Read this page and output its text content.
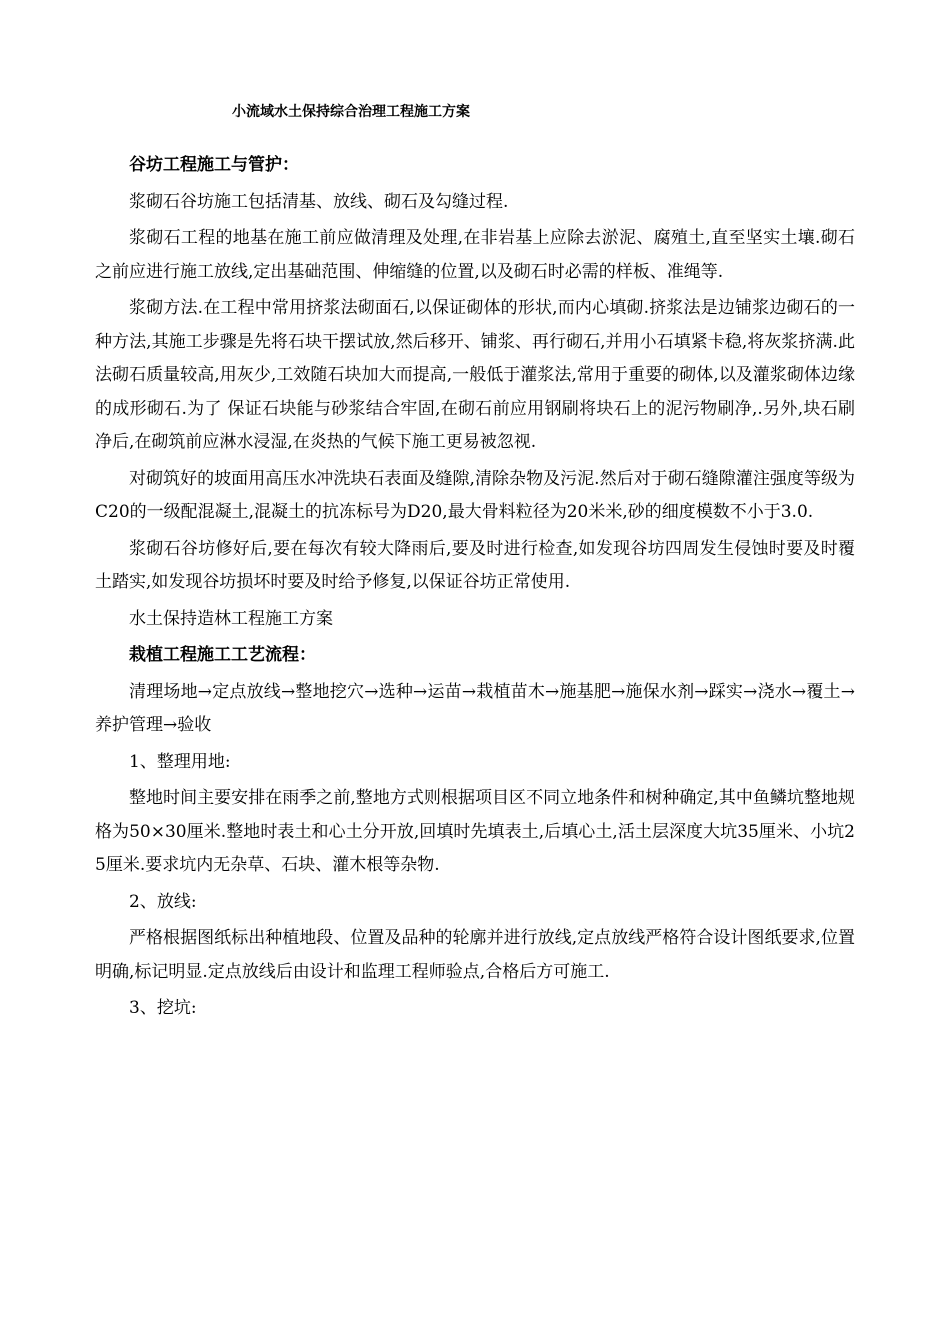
小流域水土保持综合治理工程施工方案

谷坊工程施工与管护：

浆砌石谷坊施工包括清基、放线、砌石及勾缝过程.

浆砌石工程的地基在施工前应做清理及处理,在非岩基上应除去淤泥、腐殖土,直至坚实土壤.砌石之前应进行施工放线,定出基础范围、伸缩缝的位置,以及砌石时必需的样板、准绳等.

浆砌方法.在工程中常用挤浆法砌面石,以保证砌体的形状,而内心填砌.挤浆法是边铺浆边砌石的一种方法,其施工步骤是先将石块干摆试放,然后移开、铺浆、再行砌石,并用小石填紧卡稳,将灰浆挤满.此法砌石质量较高,用灰少,工效随石块加大而提高,一般低于灌浆法,常用于重要的砌体,以及灌浆砌体边缘的成形砌石.为了 保证石块能与砂浆结合牢固,在砌石前应用钢刷将块石上的泥污物刷净,.另外,块石刷净后,在砌筑前应淋水浸湿,在炎热的气候下施工更易被忽视.

对砌筑好的坡面用高压水冲洗块石表面及缝隙,清除杂物及污泥.然后对于砌石缝隙灌注强度等级为C20的一级配混凝土,混凝土的抗冻标号为D20,最大骨料粒径为20米米,砂的细度模数不小于3.0.

浆砌石谷坊修好后,要在每次有较大降雨后,要及时进行检查,如发现谷坊四周发生侵蚀时要及时覆土踏实,如发现谷坊损坏时要及时给予修复,以保证谷坊正常使用.

水土保持造林工程施工方案

栽植工程施工工艺流程：

清理场地→定点放线→整地挖穴→选种→运苗→栽植苗木→施基肥→施保水剂→踩实→浇水→覆土→养护管理→验收

1、整理用地:

整地时间主要安排在雨季之前,整地方式则根据项目区不同立地条件和树种确定,其中鱼鳞坑整地规格为50×30厘米.整地时表土和心土分开放,回填时先填表土,后填心土,活土层深度大坑35厘米、小坑25厘米.要求坑内无杂草、石块、灌木根等杂物.

2、放线:

严格根据图纸标出种植地段、位置及品种的轮廓并进行放线,定点放线严格符合设计图纸要求,位置明确,标记明显.定点放线后由设计和监理工程师验点,合格后方可施工.

3、挖坑:
